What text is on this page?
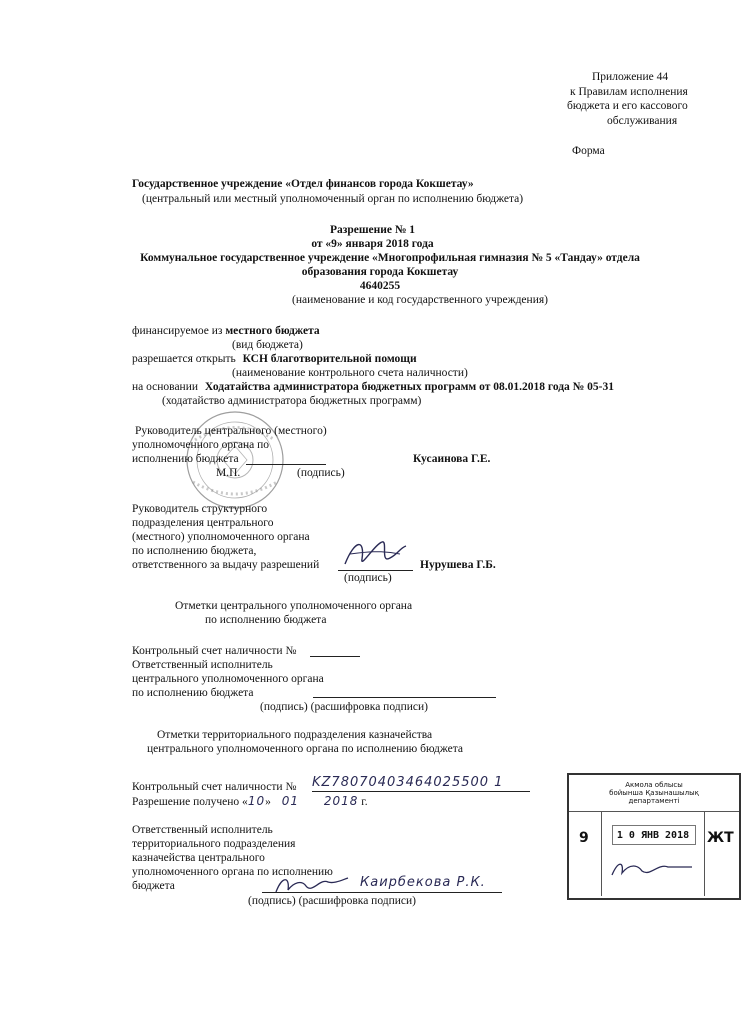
Приложение 44
к Правилам исполнения
бюджета и его кассового
обслуживания
Форма
Государственное учреждение «Отдел финансов города Кокшетау»
(центральный или местный уполномоченный орган по исполнению бюджета)
Разрешение № 1
от «9» января 2018 года
Коммунальное государственное учреждение «Многопрофильная гимназия № 5 «Тандау» отдела
образования города Кокшетау
4640255
(наименование и код государственного учреждения)
финансируемое из местного бюджета
(вид бюджета)
разрешается открыть КСН благотворительной помощи
(наименование контрольного счета наличности)
на основании Ходатайства администратора бюджетных программ от 08.01.2018 года № 05-31
(ходатайство администратора бюджетных программ)
Руководитель центрального (местного)
уполномоченного органа по
исполнению бюджета
М.П.	(подпись)
Кусаинова Г.Е.
Руководитель структурного
подразделения центрального
(местного) уполномоченного органа
по исполнению бюджета,
ответственного за выдачу разрешений
(подпись)
Нурушева Г.Б.
Отметки центрального уполномоченного органа
по исполнению бюджета
Контрольный счет наличности №
Ответственный исполнитель
центрального уполномоченного органа
по исполнению бюджета
(подпись) (расшифровка подписи)
Отметки территориального подразделения казначейства
центрального уполномоченного органа по исполнению бюджета
Контрольный счет наличности № KZ78070403464025500 1
Разрешение получено «10» 01 2018 г.
Ответственный исполнитель
территориального подразделения
казначейства центрального
уполномоченного органа по исполнению
бюджета	Каирбекова Р.К.
(подпись) (расшифровка подписи)
Акмола облысы
бойынша Қазынашылық
департаменті
1 0 ЯНВ 2018
9	ЖТ
